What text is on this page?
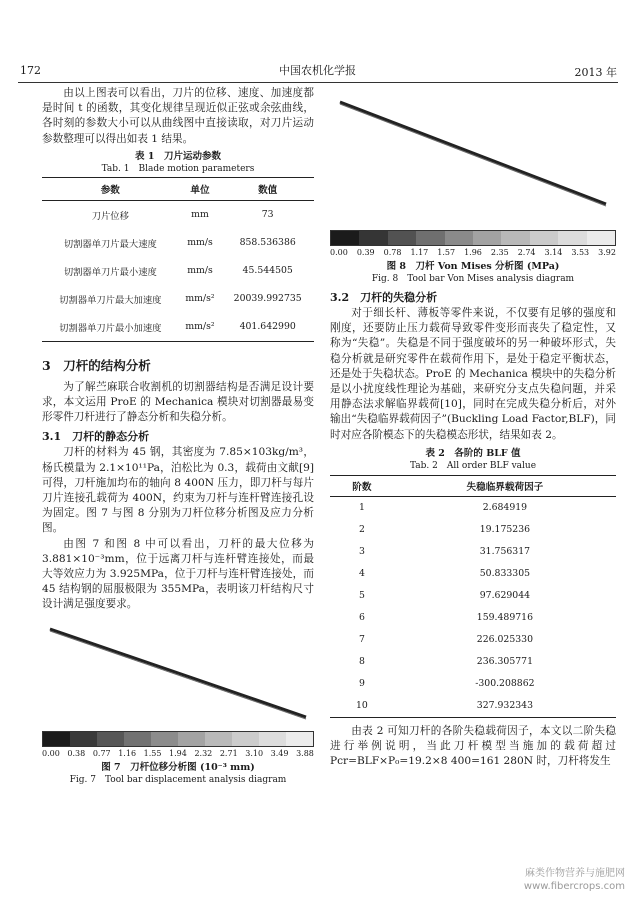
172	中国农机化学报	2013 年

由以上图表可以看出，刀片的位移、速度、加速度都是时间 t 的函数，其变化规律呈现近似正弦或余弦曲线，各时刻的参数大小可以从曲线图中直接读取，对刀片运动参数整理可以得出如表 1 结果。

表 1　刀片运动参数
Tab. 1　Blade motion parameters
参数	单位	数值
刀片位移	mm	73
切割器单刀片最大速度	mm/s	858.536386
切割器单刀片最小速度	mm/s	45.544505
切割器单刀片最大加速度	mm/s²	20039.992735
切割器单刀片最小加速度	mm/s²	401.642990
3　刀杆的结构分析

为了解苎麻联合收割机的切割器结构是否满足设计要求，本文运用 ProE 的 Mechanica 模块对切割器最易变形零件刀杆进行了静态分析和失稳分析。

3.1　刀杆的静态分析

刀杆的材料为 45 钢，其密度为 7.85×103kg/m³，杨氏模量为 2.1×10¹¹Pa，泊松比为 0.3，载荷由文献[9]可得，刀杆施加均布的轴向 8 400N 压力，即刀杆与每片刀片连接孔载荷为 400N，约束为刀杆与连杆臂连接孔设为固定。图 7 与图 8 分别为刀杆位移分析图及应力分析图。

由图 7 和图 8 中可以看出，刀杆的最大位移为 3.881×10⁻³mm，位于远离刀杆与连杆臂连接处，而最大等效应力为 3.925MPa，位于刀杆与连杆臂连接处，而 45 结构钢的屈服极限为 355MPa，表明该刀杆结构尺寸设计满足强度要求。

0.00 0.38 0.77 1.16 1.55 1.94 2.32 2.71 3.10 3.49 3.88
图 7　刀杆位移分析图 (10⁻³ mm)
Fig. 7　Tool bar displacement analysis diagram
0.00 0.39 0.78 1.17 1.57 1.96 2.35 2.74 3.14 3.53 3.92
图 8　刀杆 Von Mises 分析图 (MPa)
Fig. 8　Tool bar Von Mises analysis diagram
3.2　刀杆的失稳分析

对于细长杆、薄板等零件来说，不仅要有足够的强度和刚度，还要防止压力载荷导致零件变形而丧失了稳定性，又称为“失稳”。失稳是不同于强度破坏的另一种破坏形式，失稳分析就是研究零件在载荷作用下，是处于稳定平衡状态，还是处于失稳状态。ProE 的 Mechanica 模块中的失稳分析是以小扰度线性理论为基础，来研究分支点失稳问题，并采用静态法求解临界载荷[10]，同时在完成失稳分析后，对外输出“失稳临界载荷因子”(Buckling Load Factor,BLF)，同时对应各阶模态下的失稳模态形状，结果如表 2。

表 2　各阶的 BLF 值
Tab. 2　All order BLF value
阶数	失稳临界载荷因子
1	2.684919
2	19.175236
3	31.756317
4	50.833305
5	97.629044
6	159.489716
7	226.025330
8	236.305771
9	-300.208862
10	327.932343

由表 2 可知刀杆的各阶失稳载荷因子，本文以二阶失稳进行举例说明，当此刀杆模型当施加的载荷超过 Pcr=BLF×P₀=19.2×8 400=161 280N 时，刀杆将发生

麻类作物营养与施肥网
www.fibercrops.com
